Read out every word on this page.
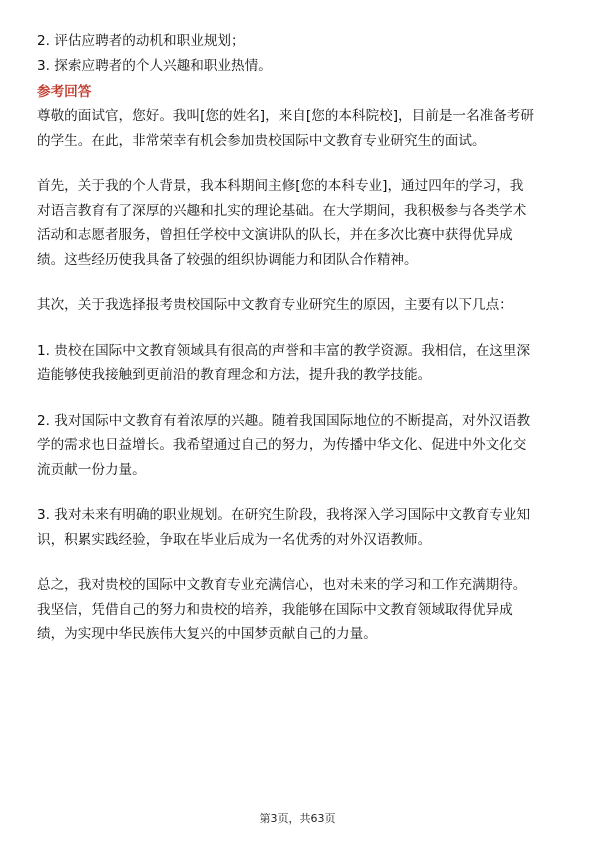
2. 评估应聘者的动机和职业规划；

3. 探索应聘者的个人兴趣和职业热情。

参考回答

尊敬的面试官，您好。我叫[您的姓名]，来自[您的本科院校]，目前是一名准备考研

的学生。在此，非常荣幸有机会参加贵校国际中文教育专业研究生的面试。

首先，关于我的个人背景，我本科期间主修[您的本科专业]，通过四年的学习，我

对语言教育有了深厚的兴趣和扎实的理论基础。在大学期间，我积极参与各类学术

活动和志愿者服务，曾担任学校中文演讲队的队长，并在多次比赛中获得优异成

绩。这些经历使我具备了较强的组织协调能力和团队合作精神。

其次，关于我选择报考贵校国际中文教育专业研究生的原因，主要有以下几点：

1. 贵校在国际中文教育领域具有很高的声誉和丰富的教学资源。我相信，在这里深

造能够使我接触到更前沿的教育理念和方法，提升我的教学技能。

2. 我对国际中文教育有着浓厚的兴趣。随着我国国际地位的不断提高，对外汉语教

学的需求也日益增长。我希望通过自己的努力，为传播中华文化、促进中外文化交

流贡献一份力量。

3. 我对未来有明确的职业规划。在研究生阶段，我将深入学习国际中文教育专业知

识，积累实践经验，争取在毕业后成为一名优秀的对外汉语教师。

总之，我对贵校的国际中文教育专业充满信心，也对未来的学习和工作充满期待。

我坚信，凭借自己的努力和贵校的培养，我能够在国际中文教育领域取得优异成

绩，为实现中华民族伟大复兴的中国梦贡献自己的力量。

第3页，共63页
